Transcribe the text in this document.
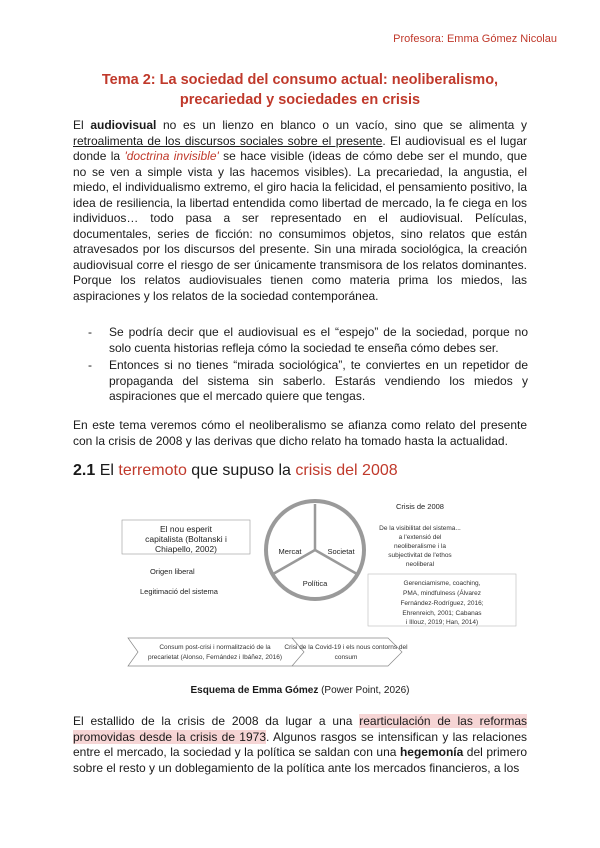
Profesora: Emma Gómez Nicolau
Tema 2: La sociedad del consumo actual: neoliberalismo,
precariedad y sociedades en crisis
El audiovisual no es un lienzo en blanco o un vacío, sino que se alimenta y retroalimenta de los discursos sociales sobre el presente. El audiovisual es el lugar donde la 'doctrina invisible' se hace visible (ideas de cómo debe ser el mundo, que no se ven a simple vista y las hacemos visibles). La precariedad, la angustia, el miedo, el individualismo extremo, el giro hacia la felicidad, el pensamiento positivo, la idea de resiliencia, la libertad entendida como libertad de mercado, la fe ciega en los individuos… todo pasa a ser representado en el audiovisual. Películas, documentales, series de ficción: no consumimos objetos, sino relatos que están atravesados por los discursos del presente. Sin una mirada sociológica, la creación audiovisual corre el riesgo de ser únicamente transmisora de los relatos dominantes. Porque los relatos audiovisuales tienen como materia prima los miedos, las aspiraciones y los relatos de la sociedad contemporánea.
-	Se podría decir que el audiovisual es el “espejo” de la sociedad, porque no solo cuenta historias refleja cómo la sociedad te enseña cómo debes ser.
-	Entonces si no tienes “mirada sociológica”, te conviertes en un repetidor de propaganda del sistema sin saberlo. Estarás vendiendo los miedos y aspiraciones que el mercado quiere que tengas.
En este tema veremos cómo el neoliberalismo se afianza como relato del presente con la crisis de 2008 y las derivas que dicho relato ha tomado hasta la actualidad.
2.1 El terremoto que supuso la crisis del 2008
El nou esperit
capitalista (Boltanski i
Chiapello, 2002)
Origen liberal
Legitimació del sistema
Mercat	Societat
Política
Crisis de 2008
De la visibilitat del sistema...
a l'extensió del
neoliberalisme i la
subjectivitat de l'ethos
neoliberal
Gerenciamisme, coaching,
PMA, mindfulness (Álvarez
Fernández-Rodríguez, 2016;
Ehrenreich, 2001; Cabanas
i Illouz, 2019; Han, 2014)
Consum post-crisi i normalització de la
precarietat (Alonso, Fernández i Ibáñez, 2016)
Crisi de la Covid-19 i els nous contorns del
consum
Esquema de Emma Gómez (Power Point, 2026)
El estallido de la crisis de 2008 da lugar a una rearticulación de las reformas promovidas desde la crisis de 1973. Algunos rasgos se intensifican y las relaciones entre el mercado, la sociedad y la política se saldan con una hegemonía del primero sobre el resto y un doblegamiento de la política ante los mercados financieros, a los
